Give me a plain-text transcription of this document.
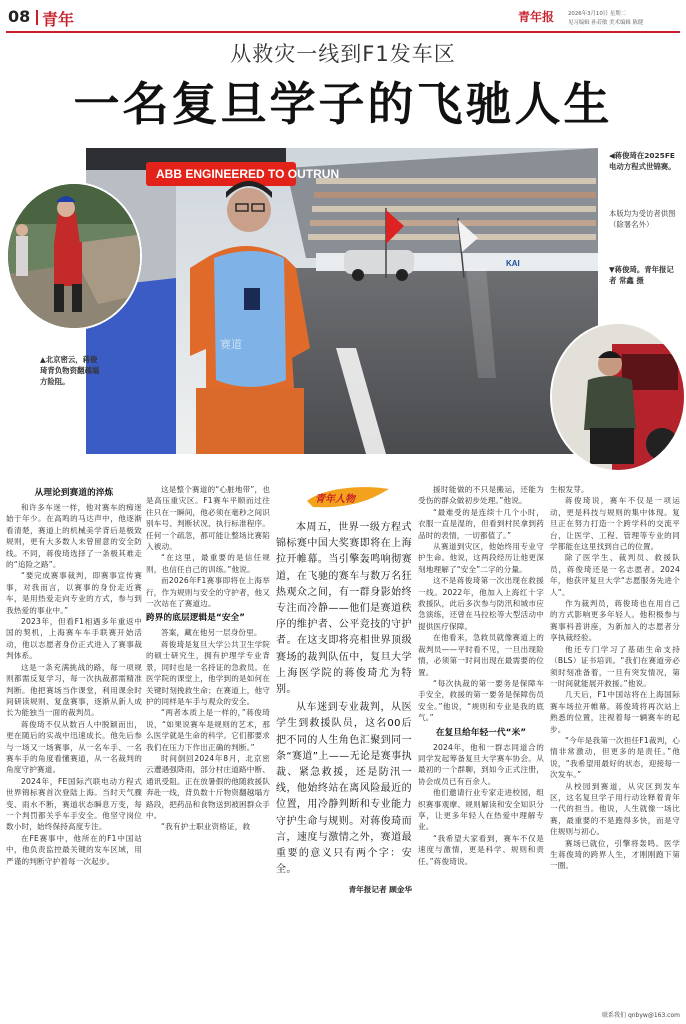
08 青年	青年报	2026年3月10日 星期二
见习编辑 孙若敏 美术编辑 陈健
从救灾一线到F1发车区
一名复旦学子的飞驰人生
ABB ENGINEERED TO OUTRUN
KAI
赛道
▲北京密云，蒋俊琦背负物资翻越塌方险阻。
◀蒋俊琦在2025FE电动方程式世锦赛。
本版均为受访者供图（除署名外）
▼蒋俊琦。青年报记者 常鑫 摄
青年人物
从理论到赛道的淬炼

和许多车迷一样，他对赛车的痴迷始于年少。在高鸣的马达声中，他逐渐看清楚，赛道上的机械美学背后是极致规则，更有大多数人未曾留意的安全防线。不同，蒋俊琦选择了一条极其难走的“追险之路”。

“要完成赛事裁判，即赛事宣传赛事，对我而言，以赛事的身份走近赛车，是用热爱走向专业的方式，参与到我热爱的事业中。”

2023年，但看F1相遇多年重返中国的契机，上海赛车车手联赛开始活动，他以志愿者身份正式进入了赛事裁判体系。

这是一条充满挑战的路，每一项规则都需反复学习，每一次执裁都需精准判断。他把赛场当作课堂，利用课余时间研读规则、复盘赛事，逐渐从新人成长为能独当一面的裁判员。

蒋俊琦不仅从数百人中脱颖而出，更在随后的实战中迅速成长。他先后参与一场又一场赛事，从一名车手、一名赛车手的角度看懂赛道，从一名裁判的角度守护赛道。

2024年，FE国际汽联电动方程式世界锦标赛首次登陆上海。当时天气骤变、雨水不断，赛道状态瞬息万变，每一个判罚都关乎车手安全。他坚守岗位数小时，始终保持高度专注。

在FE赛事中，他所在的F1中国站中，他负责监控最关键的发车区域，用严谨的判断守护着每一次起步。

这是整个赛道的“心脏地带”，也是高压重灾区。F1赛车平顺而过往往只在一瞬间，他必须在毫秒之间识别车号、判断状况、执行标准程序。任何一个疏忽，都可能让整场比赛陷入被动。

“在这里，最重要的是信任规则，也信任自己的训练。”他说。

而2026年F1赛事即将在上海举行，作为规则与安全的守护者，他又一次站在了赛道边。

跨界的底层逻辑是“安全”

答案，藏在他另一层身份里。

蒋俊琦是复旦大学公共卫生学院的硕士研究生，拥有护理学专业背景，同时也是一名持证的急救员。在医学院的课堂上，他学到的是如何在关键时刻挽救生命；在赛道上，他守护的同样是车手与观众的安全。

“两者本质上是一样的，”蒋俊琦说，“如果说赛车是规则的艺术，那么医学就是生命的科学。它们都要求我们在压力下作出正确的判断。”

时间倒回2024年8月，北京密云遭遇强降雨，部分村庄道路中断、通讯受阻。正在放暑假的他随救援队奔赴一线，背负数十斤物资翻越塌方路段，把药品和食物送到被困群众手中。

“我有护士职业资格证，救

本周五，世界一级方程式锦标赛中国大奖赛即将在上海拉开帷幕。当引擎轰鸣响彻赛道，在飞驰的赛车与数万名狂热观众之间，有一群身影始终专注而冷静——他们是赛道秩序的维护者、公平竞技的守护者。在这支即将亮相世界顶级赛场的裁判队伍中，复旦大学上海医学院的蒋俊琦尤为特别。

从车迷到专业裁判，从医学生到救援队员，这名00后把不同的人生角色汇聚到同一条“赛道”上——无论是赛事执裁、紧急救援，还是防汛一线，他始终站在离风险最近的位置，用冷静判断和专业能力守护生命与规则。对蒋俊琦而言，速度与激情之外，赛道最重要的意义只有两个字：安全。

青年报记者 顾金华

援时能做的不只是搬运，还能为受伤的群众做初步处理。”他说。

“最难受的是连续十几个小时，衣服一直是湿的，但看到村民拿到药品时的表情，一切都值了。”

从赛道到灾区，他始终用专业守护生命。他说，这两段经历让他更深刻地理解了“安全”二字的分量。

这不是蒋俊琦第一次出现在救援一线。2022年，他加入上海红十字救援队，此后多次参与防汛和城市应急演练，还曾在马拉松等大型活动中提供医疗保障。

在他看来，急救员就像赛道上的裁判员——平时看不见，一旦出现险情，必须第一时间出现在最需要的位置。

“每次执裁的第一要务是保障车手安全，救援的第一要务是保障伤员安全。”他说，“规则和专业是我的底气。”

在复旦给年轻一代“米”

2024年，他和一群志同道合的同学发起筹备复旦大学赛车协会。从最初的一个群聊，到如今正式注册，协会成员已有百余人。

他们邀请行业专家走进校园，组织赛事观摩、规则解读和安全知识分享，让更多年轻人在热爱中理解专业。

“我希望大家看到，赛车不仅是速度与激情，更是科学、规则和责任。”蒋俊琦说。

生根发芽。

蒋俊琦说，赛车不仅是一项运动，更是科技与规则的集中体现。复旦正在努力打造一个跨学科的交流平台，让医学、工程、管理等专业的同学都能在这里找到自己的位置。

除了医学生、裁判员、救援队员，蒋俊琦还是一名志愿者。2024年，他获评复旦大学“志愿服务先进个人”。

作为裁判员，蒋俊琦也在用自己的方式影响更多年轻人。他积极参与赛事科普讲座，为新加入的志愿者分享执裁经验。

他还专门学习了基础生命支持（BLS）证书培训。“我们在赛道旁必须时刻准备着，一旦有突发情况，第一时间就能展开救援。”他说。

几天后，F1中国站将在上海国际赛车场拉开帷幕。蒋俊琦将再次站上熟悉的位置，注视着每一辆赛车的起步。

“今年是我第一次担任F1裁判，心情非常激动，但更多的是责任。”他说，“我希望用最好的状态，迎接每一次发车。”

从校园到赛道，从灾区到发车区，这名复旦学子用行动诠释着青年一代的担当。他说，人生就像一场比赛，最重要的不是跑得多快，而是守住规则与初心。

赛场已就位，引擎将轰鸣。医学生蒋俊琦的跨界人生，才刚刚跑下第一圈。

联系我们 qnbyw@163.com
